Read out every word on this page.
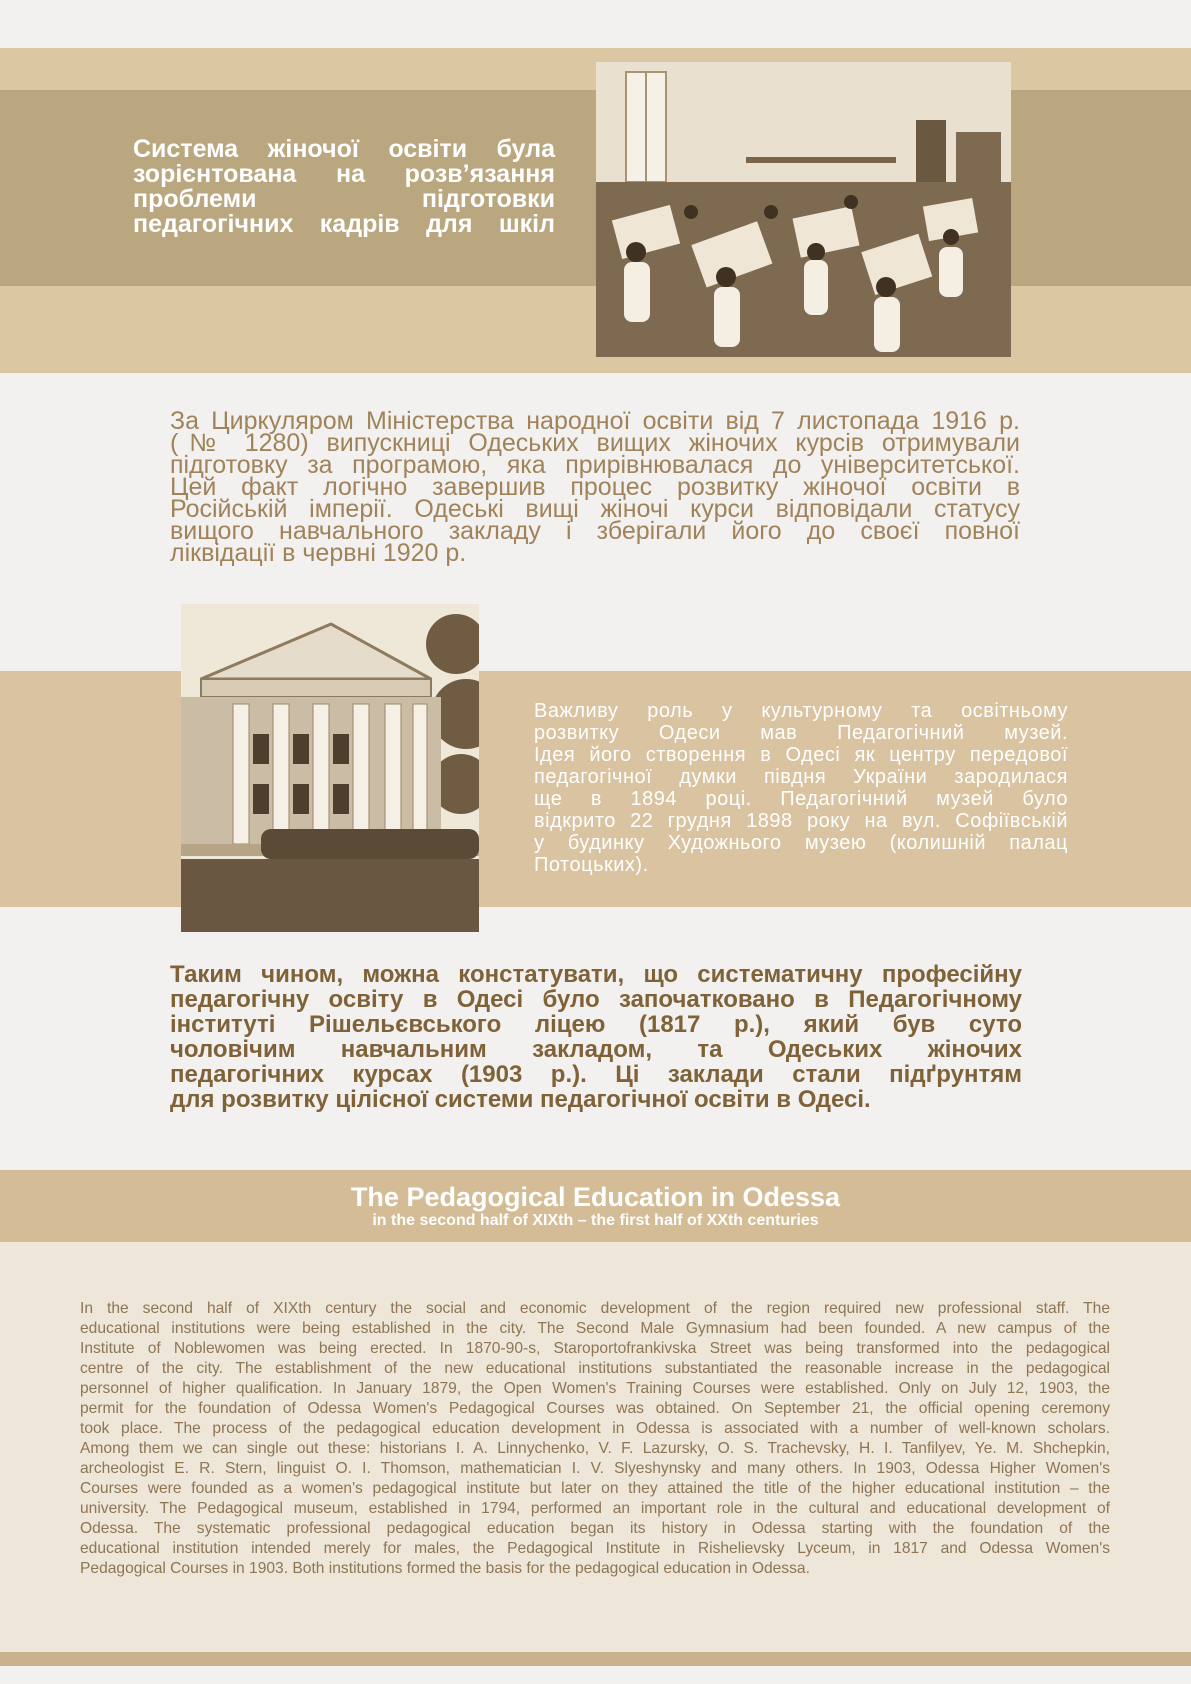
Система жіночої освіти була
зорієнтована на розв’язання
проблеми підготовки
педагогічних кадрів для шкіл
За Циркуляром Міністерства народної освіти від 7 листопада 1916 р.
(№ 1280) випускниці Одеських вищих жіночих курсів отримували
підготовку за програмою, яка прирівнювалася до університетської.
Цей факт логічно завершив процес розвитку жіночої освіти в
Російській імперії. Одеські вищі жіночі курси відповідали статусу
вищого навчального закладу і зберігали його до своєї повної
ліквідації в червні 1920 р.
Важливу роль у культурному та освітньому
розвитку Одеси мав Педагогічний музей.
Ідея його створення в Одесі як центру передової
педагогічної думки півдня України зародилася
ще в 1894 році. Педагогічний музей було
відкрито 22 грудня 1898 року на вул. Софіївській
у будинку Художнього музею (колишній палац
Потоцьких).
Таким чином, можна констатувати, що систематичну професійну
педагогічну освіту в Одесі було започатковано в Педагогічному
інституті Рішельєвського ліцею (1817 р.), який був суто
чоловічим навчальним закладом, та Одеських жіночих
педагогічних курсах (1903 р.). Ці заклади стали підґрунтям
для розвитку цілісної системи педагогічної освіти в Одесі.
The Pedagogical Education in Odessa
in the second half of XIXth – the first half of XXth centuries
In the second half of XIXth century the social and economic development of the region required new professional staff. The
educational institutions were being established in the city. The Second Male Gymnasium had been founded. A new campus of the
Institute of Noblewomen was being erected. In 1870-90-s, Staroportofrankivska Street was being transformed into the pedagogical
centre of the city. The establishment of the new educational institutions substantiated the reasonable increase in the pedagogical
personnel of higher qualification. In January 1879, the Open Women's Training Courses were established. Only on July 12, 1903, the
permit for the foundation of Odessa Women's Pedagogical Courses was obtained. On September 21, the official opening ceremony
took place. The process of the pedagogical education development in Odessa is associated with a number of well-known scholars.
Among them we can single out these: historians I. A. Linnychenko, V. F. Lazursky, O. S. Trachevsky, H. I. Tanfilyev, Ye. M. Shchepkin,
archeologist E. R. Stern, linguist O. I. Thomson, mathematician I. V. Slyeshynsky and many others. In 1903, Odessa Higher Women's
Courses were founded as a women's pedagogical institute but later on they attained the title of the higher educational institution – the
university. The Pedagogical museum, established in 1794, performed an important role in the cultural and educational development of
Odessa. The systematic professional pedagogical education began its history in Odessa starting with the foundation of the
educational institution intended merely for males, the Pedagogical Institute in Rishelievsky Lyceum, in 1817 and Odessa Women's
Pedagogical Courses in 1903. Both institutions formed the basis for the pedagogical education in Odessa.
